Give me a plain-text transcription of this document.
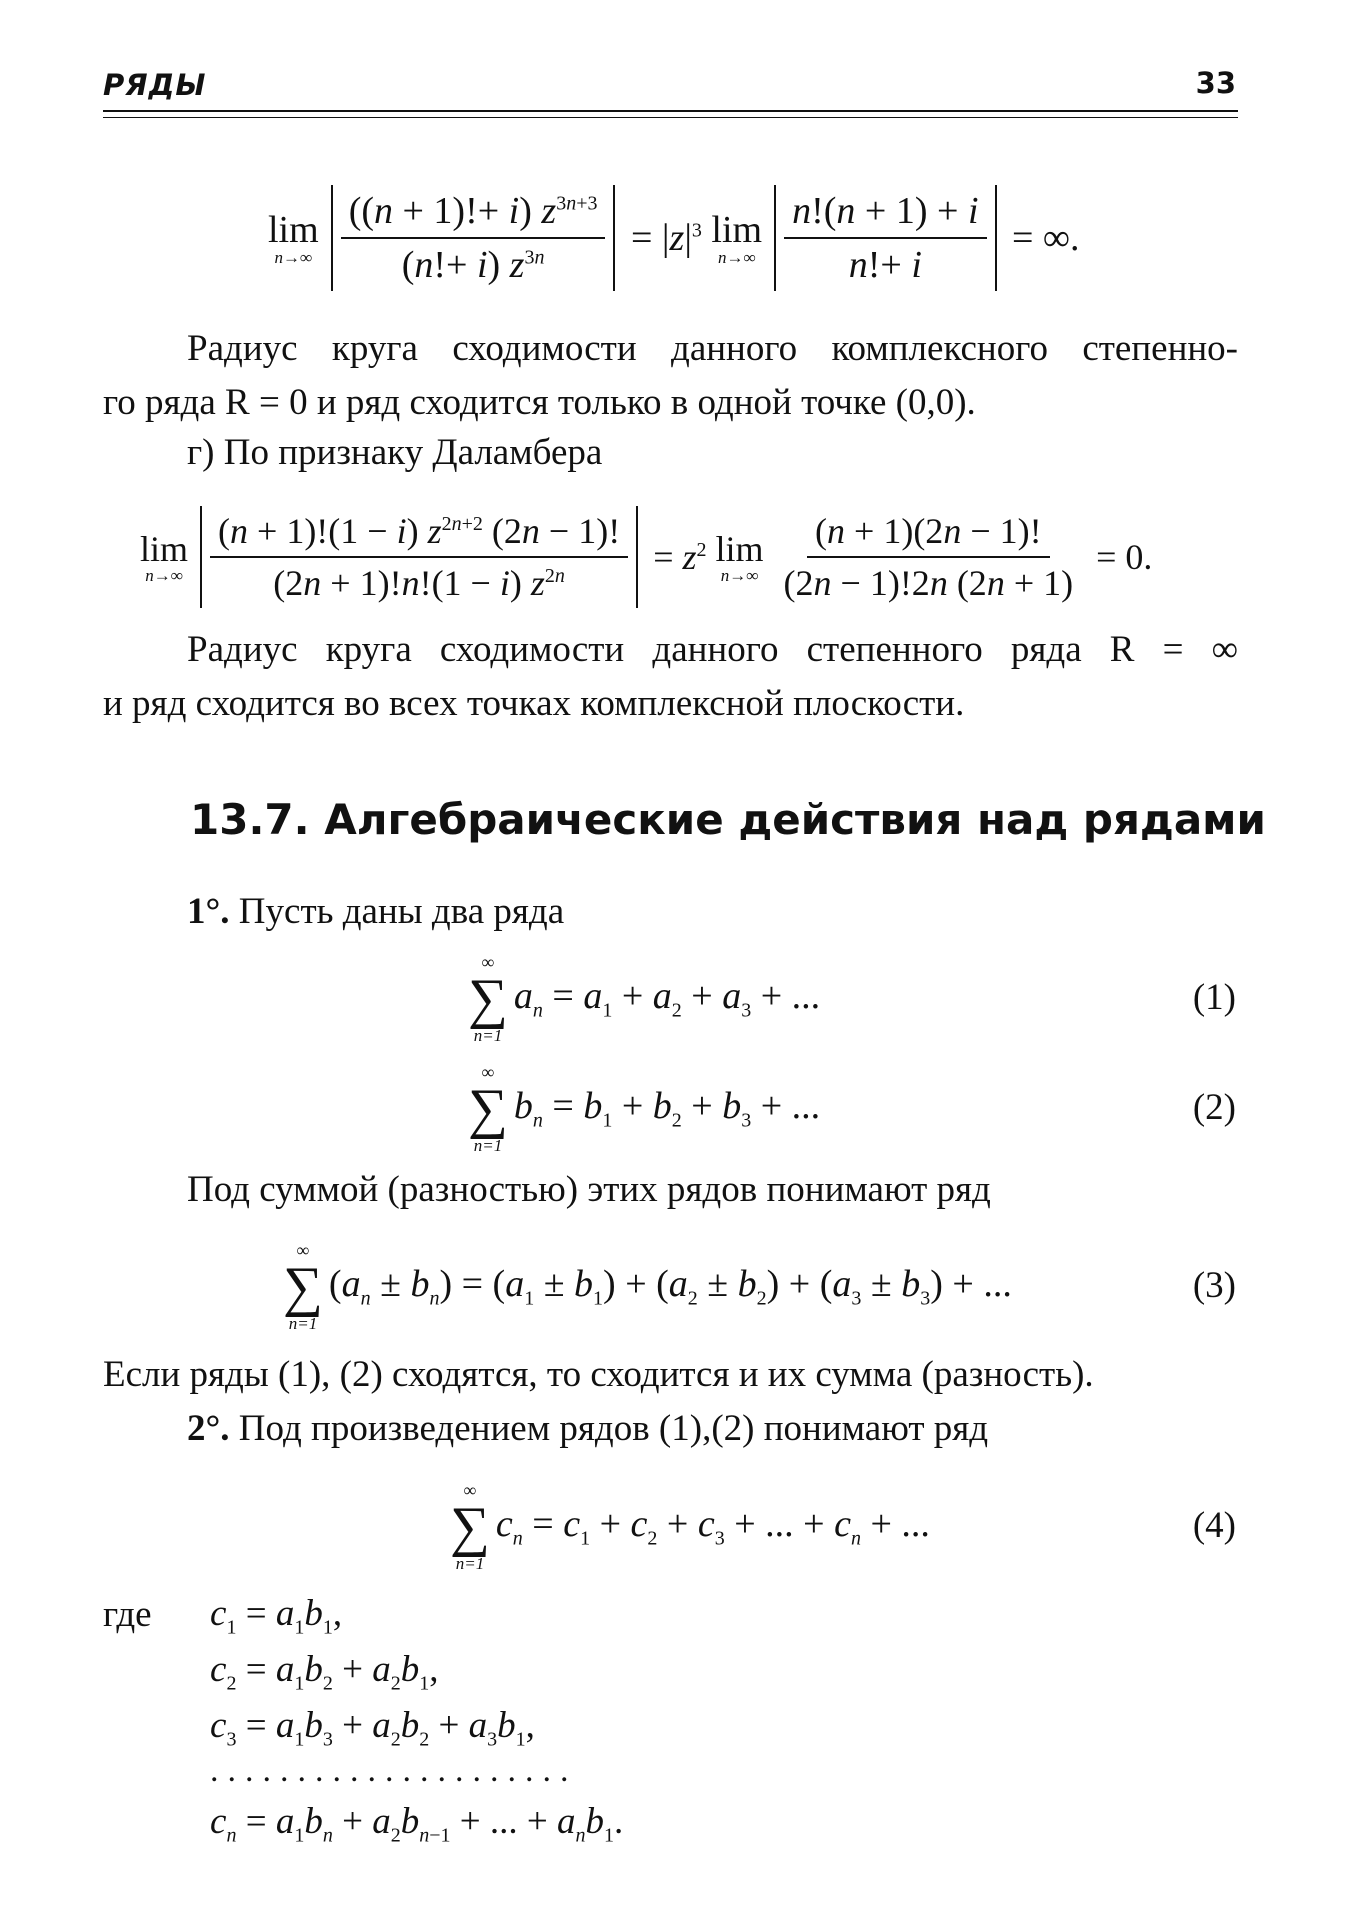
РЯДЫ	33
lim
$n\to\infty \frac{((n + 1)!+ i) z^{3n+3}}{(n!+ i) z^{3n}} = |z|^3$ lim
$n\to\infty \frac{n!(n + 1) + i}{n!+ i}$ = ∞.

Радиус круга сходимости данного комплексного степенно-

го ряда R = 0 и ряд сходится только в одной точке (0,0).

г) По признаку Даламбера
lim
$n\to\infty \frac{(n + 1)!(1 - i) z^{2n+2} (2n - 1)!}{(2n + 1)!n!(1 - i) z^{2n}} = z^2$ lim
$n\to\infty \frac{(n + 1)(2n - 1)!}{(2n - 1)!2n (2n + 1)} = 0$.

Радиус круга сходимости данного степенного ряда R = ∞

и ряд сходится во всех точках комплексной плоскости.

13.7. Алгебраические действия над рядами
1°. Пусть даны два ряда
∞
∑
n=1
$a_n = a_1 + a_2 + a_3$ + ...	(1)
∞
∑
n=1
$b_n = b_1 + b_2 + b_3$ + ...	(2)
Под суммой (разностью) этих рядов понимают ряд
∞
∑
n=1
$(a_n \pm b_n) = (a_1 \pm b_1) + (a_2 \pm b_2) + (a_3 \pm b_3)$ + ...	(3)
Если ряды (1), (2) сходятся, то сходится и их сумма (разность).
2°. Под произведением рядов (1),(2) понимают ряд
∞
∑
n=1
$c_n = c_1 + c_2 + c_3$ + ... + $c_n$ + ...	(4)
где $c_1 = a_1b_1$,
$c_2 = a_1b_2 + a_2b_1$,
$c_3 = a_1b_3 + a_2b_2 + a_3b_1$,
.....................
$c_n = a_1b_n + a_2b_{n-1}$ + ... + $a_nb_1$.
